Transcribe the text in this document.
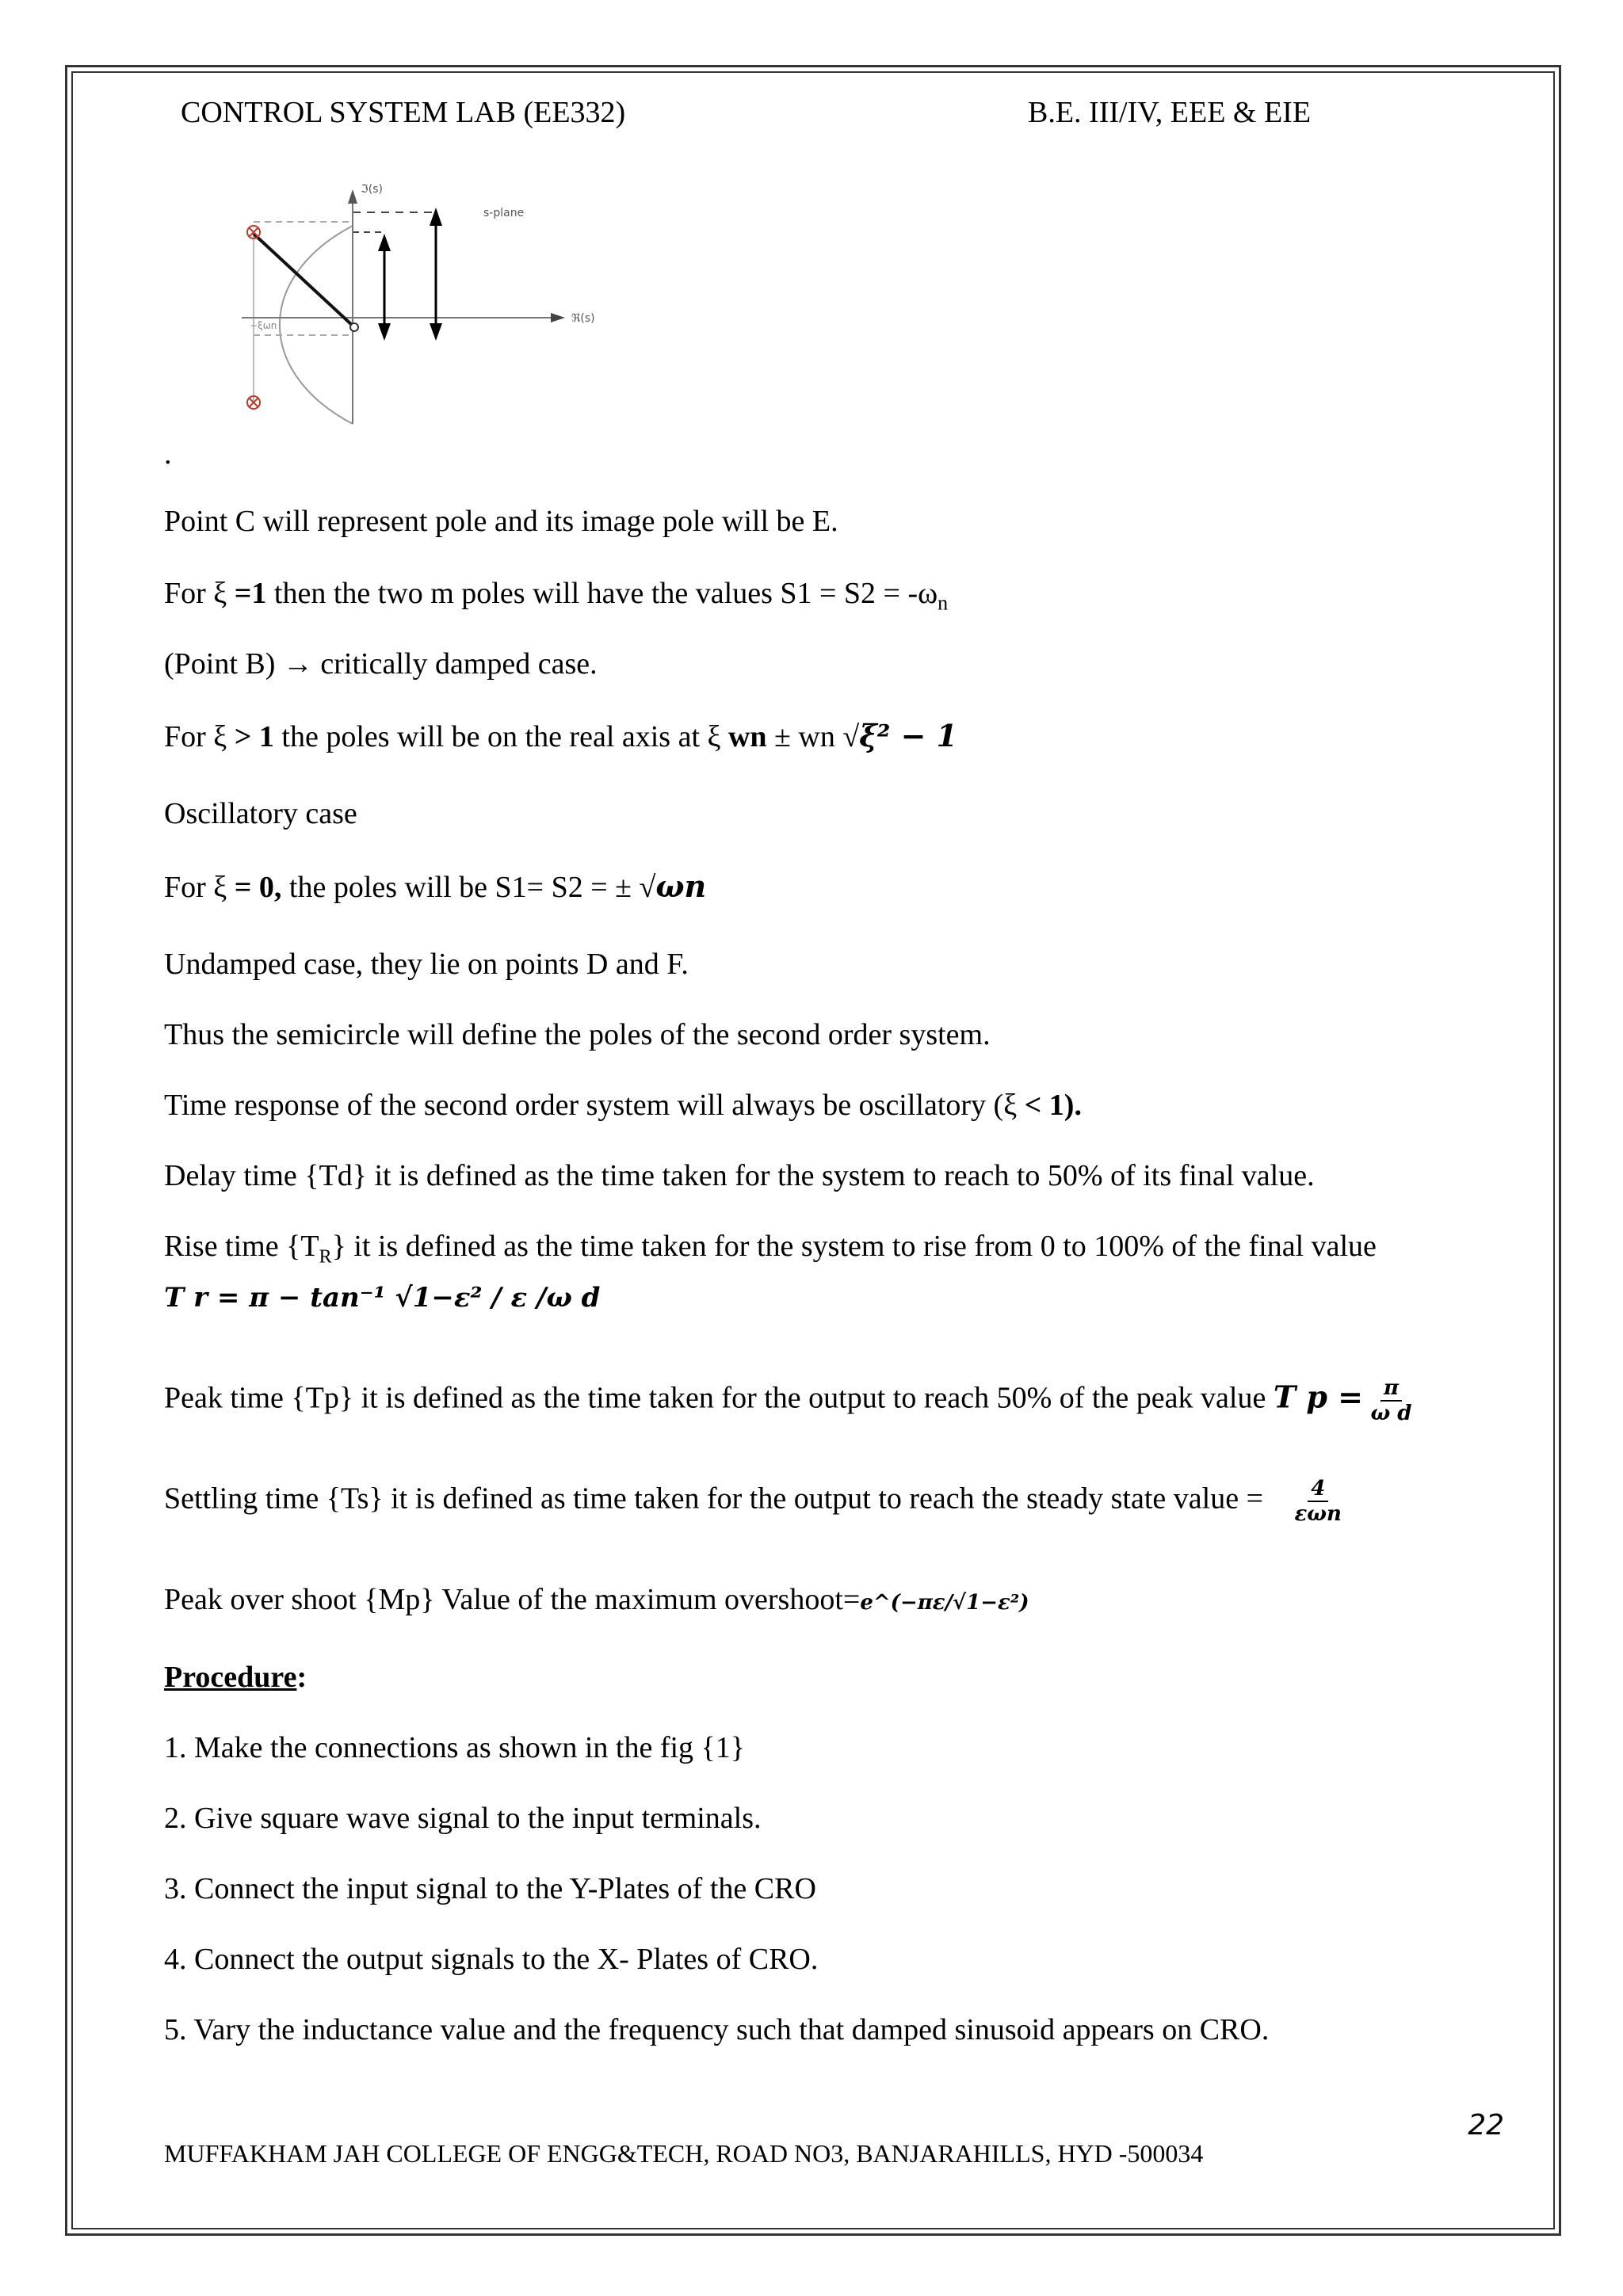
CONTROL SYSTEM LAB (EE332)	B.E. III/IV, EEE & EIE
ℑ(s)
s-plane
ℜ(s)
−ξωn
.
Point C will represent pole and its image pole will be E.
For ξ =1 then the two m poles will have the values $S1 = S2 = -\omega_n$
(Point B) → critically damped case.
For ξ > 1 the poles will be on the real axis at ξ wn ± wn √ξ² − 1
Oscillatory case
For ξ = 0, the poles will be S1= S2 = ± √ωn
Undamped case, they lie on points D and F.
Thus the semicircle will define the poles of the second order system.
Time response of the second order system will always be oscillatory (ξ < 1).
Delay time {Td} it is defined as the time taken for the system to reach to 50% of its final value.
Rise time $\{T_R\}$ it is defined as the time taken for the system to rise from 0 to 100% of the final value
T r = π − tan⁻¹ √1−ε² / ε /ω d
Peak time {Tp} it is defined as the time taken for the output to reach 50% of the peak value T $p = \frac{\pi}{\text{ω d}}$
Settling time {Ts} it is defined as time taken for the output to reach the steady state value = $\frac{4}{\text{εωn}}$
Peak over shoot {Mp} Value of the maximum overshoot=e^(−πε/√1−ε²)
Procedure:
1. Make the connections as shown in the fig {1}
2. Give square wave signal to the input terminals.
3. Connect the input signal to the Y-Plates of the CRO
4. Connect the output signals to the X- Plates of CRO.
5. Vary the inductance value and the frequency such that damped sinusoid appears on CRO.
22
MUFFAKHAM JAH COLLEGE OF ENGG&TECH, ROAD NO3, BANJARAHILLS, HYD -500034
